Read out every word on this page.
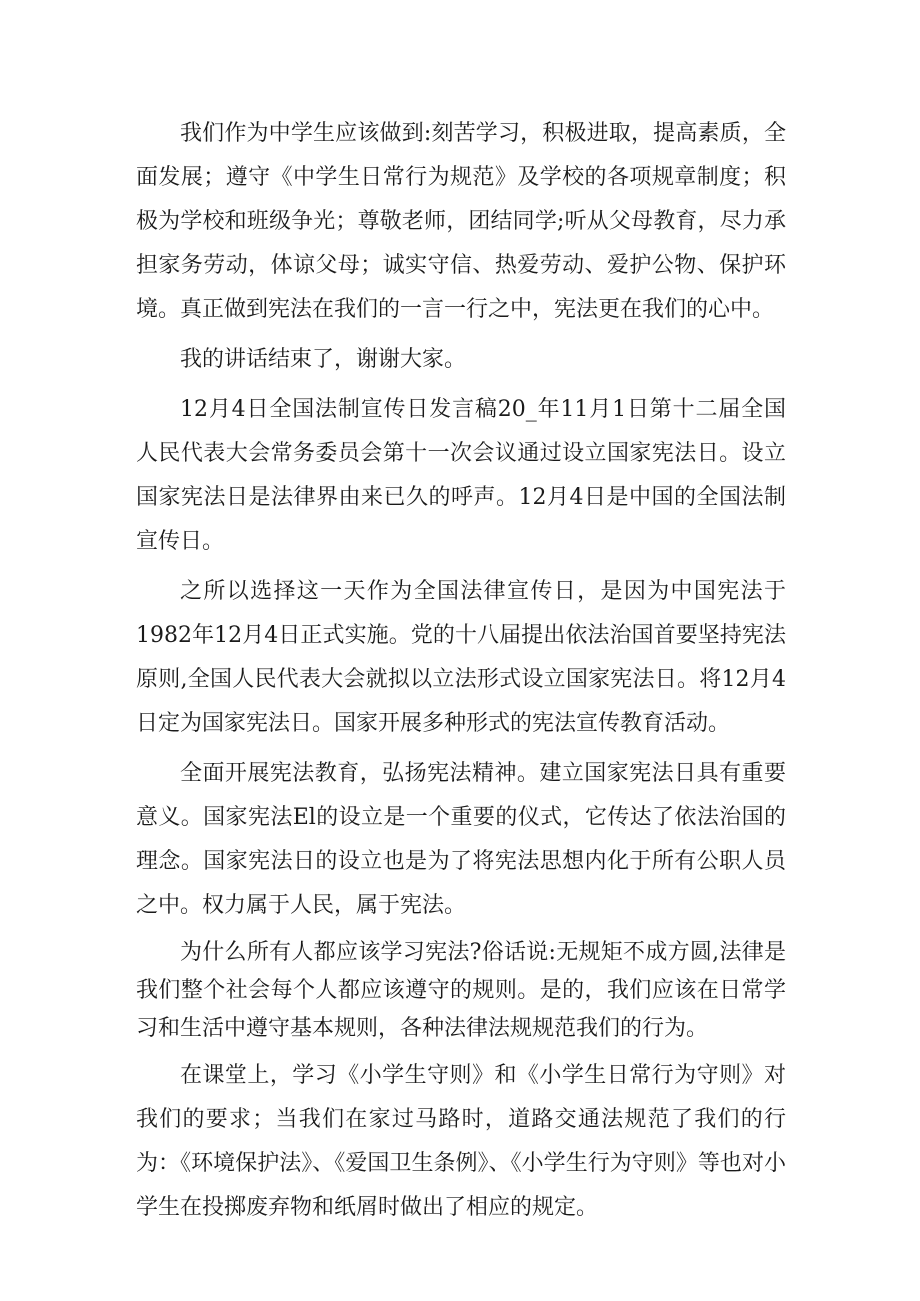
我们作为中学生应该做到:刻苦学习，积极进取，提高素质，全面发展；遵守《中学生日常行为规范》及学校的各项规章制度；积极为学校和班级争光；尊敬老师，团结同学;听从父母教育，尽力承担家务劳动，体谅父母；诚实守信、热爱劳动、爱护公物、保护环境。真正做到宪法在我们的一言一行之中，宪法更在我们的心中。

我的讲话结束了，谢谢大家。

12月4日全国法制宣传日发言稿20_年11月1日第十二届全国人民代表大会常务委员会第十一次会议通过设立国家宪法日。设立国家宪法日是法律界由来已久的呼声。12月4日是中国的全国法制宣传日。

之所以选择这一天作为全国法律宣传日，是因为中国宪法于1982年12月4日正式实施。党的十八届提出依法治国首要坚持宪法原则,全国人民代表大会就拟以立法形式设立国家宪法日。将12月4日定为国家宪法日。国家开展多种形式的宪法宣传教育活动。

全面开展宪法教育，弘扬宪法精神。建立国家宪法日具有重要意义。国家宪法El的设立是一个重要的仪式，它传达了依法治国的理念。国家宪法日的设立也是为了将宪法思想内化于所有公职人员之中。权力属于人民，属于宪法。

为什么所有人都应该学习宪法?俗话说:无规矩不成方圆,法律是我们整个社会每个人都应该遵守的规则。是的，我们应该在日常学习和生活中遵守基本规则，各种法律法规规范我们的行为。

在课堂上，学习《小学生守则》和《小学生日常行为守则》对我们的要求；当我们在家过马路时，道路交通法规范了我们的行为：《环境保护法》、《爱国卫生条例》、《小学生行为守则》等也对小学生在投掷废弃物和纸屑时做出了相应的规定。
